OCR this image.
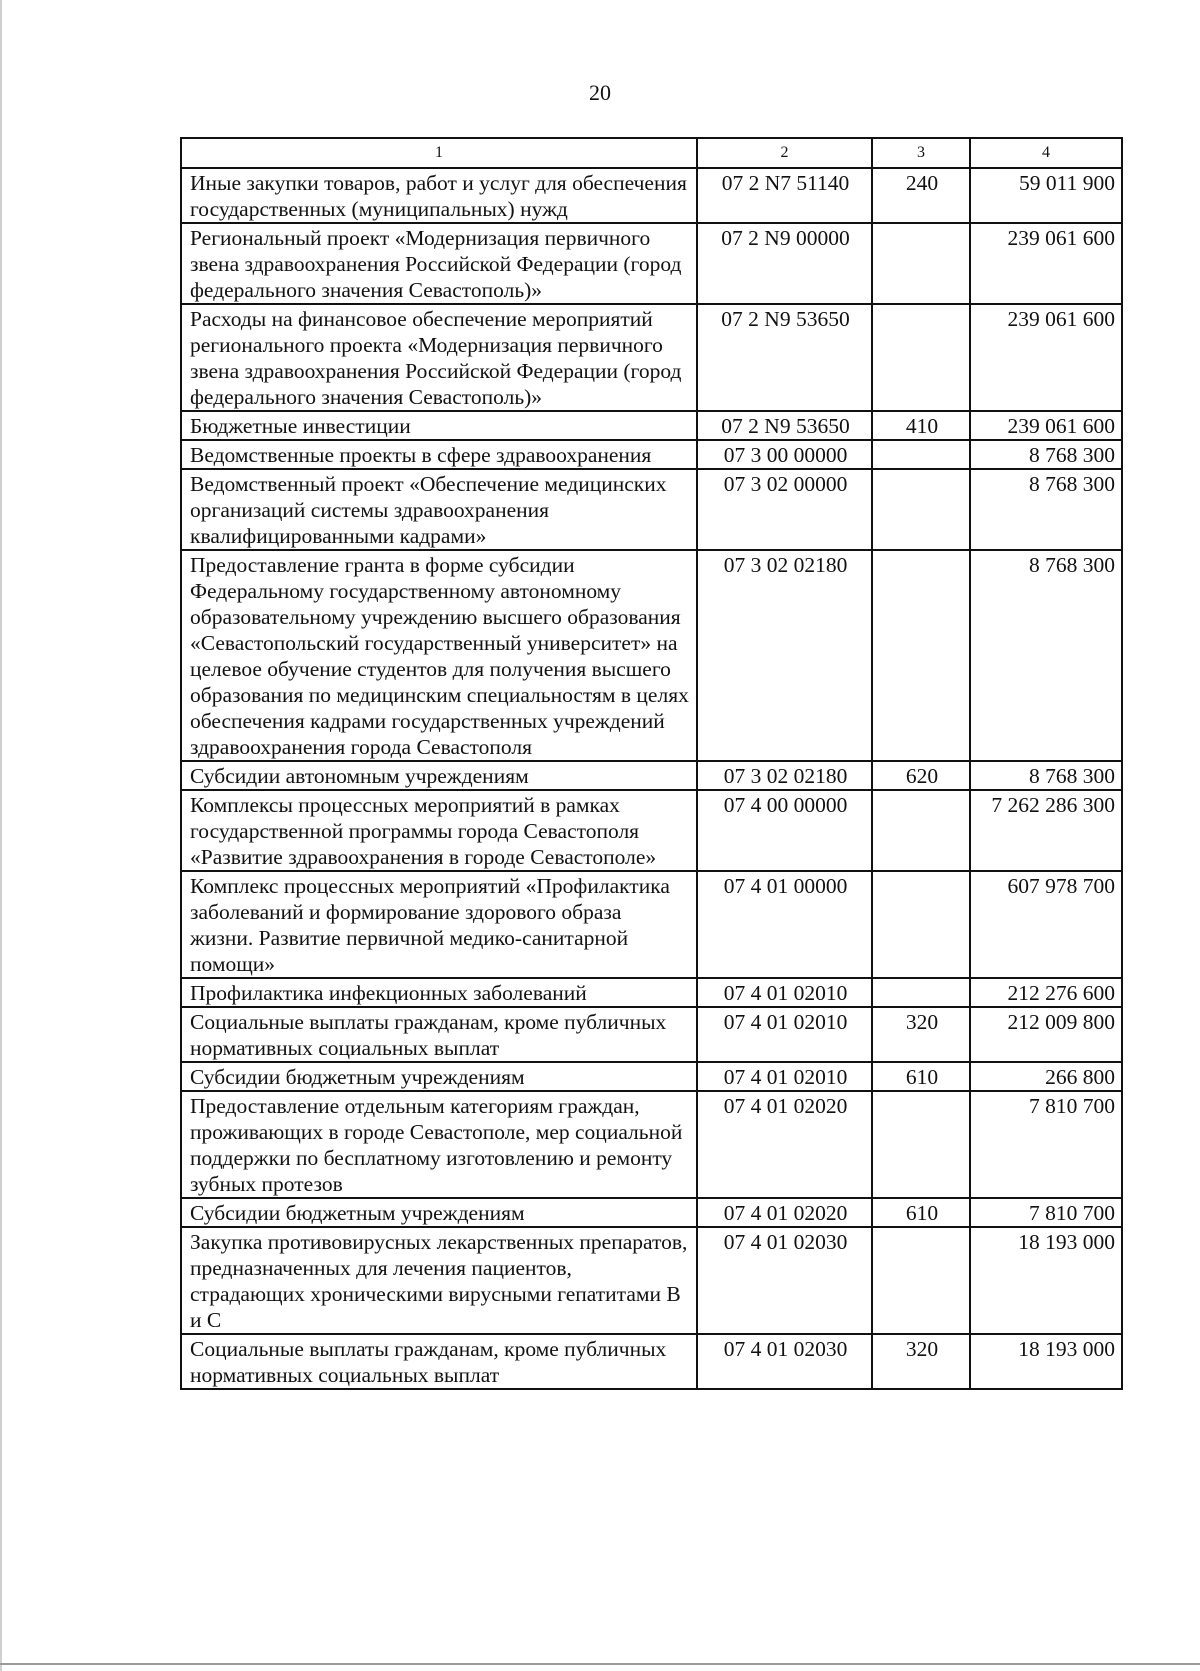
20
1	2	3	4
Иные закупки товаров, работ и услуг для обеспечения государственных (муниципальных) нужд	07 2 N7 51140	240	59 011 900
Региональный проект «Модернизация первичного звена здравоохранения Российской Федерации (город федерального значения Севастополь)»	07 2 N9 00000		239 061 600
Расходы на финансовое обеспечение мероприятий регионального проекта «Модернизация первичного звена здравоохранения Российской Федерации (город федерального значения Севастополь)»	07 2 N9 53650		239 061 600
Бюджетные инвестиции	07 2 N9 53650	410	239 061 600
Ведомственные проекты в сфере здравоохранения	07 3 00 00000		8 768 300
Ведомственный проект «Обеспечение медицинских организаций системы здравоохранения квалифицированными кадрами»	07 3 02 00000		8 768 300
Предоставление гранта в форме субсидии Федеральному государственному автономному образовательному учреждению высшего образования «Севастопольский государственный университет» на целевое обучение студентов для получения высшего образования по медицинским специальностям в целях обеспечения кадрами государственных учреждений здравоохранения города Севастополя	07 3 02 02180		8 768 300
Субсидии автономным учреждениям	07 3 02 02180	620	8 768 300
Комплексы процессных мероприятий в рамках государственной программы города Севастополя «Развитие здравоохранения в городе Севастополе»	07 4 00 00000		7 262 286 300
Комплекс процессных мероприятий «Профилактика заболеваний и формирование здорового образа жизни. Развитие первичной медико-санитарной помощи»	07 4 01 00000		607 978 700
Профилактика инфекционных заболеваний	07 4 01 02010		212 276 600
Социальные выплаты гражданам, кроме публичных нормативных социальных выплат	07 4 01 02010	320	212 009 800
Субсидии бюджетным учреждениям	07 4 01 02010	610	266 800
Предоставление отдельным категориям граждан, проживающих в городе Севастополе, мер социальной поддержки по бесплатному изготовлению и ремонту зубных протезов	07 4 01 02020		7 810 700
Субсидии бюджетным учреждениям	07 4 01 02020	610	7 810 700
Закупка противовирусных лекарственных препаратов, предназначенных для лечения пациентов, страдающих хроническими вирусными гепатитами В и С	07 4 01 02030		18 193 000
Социальные выплаты гражданам, кроме публичных нормативных социальных выплат	07 4 01 02030	320	18 193 000
